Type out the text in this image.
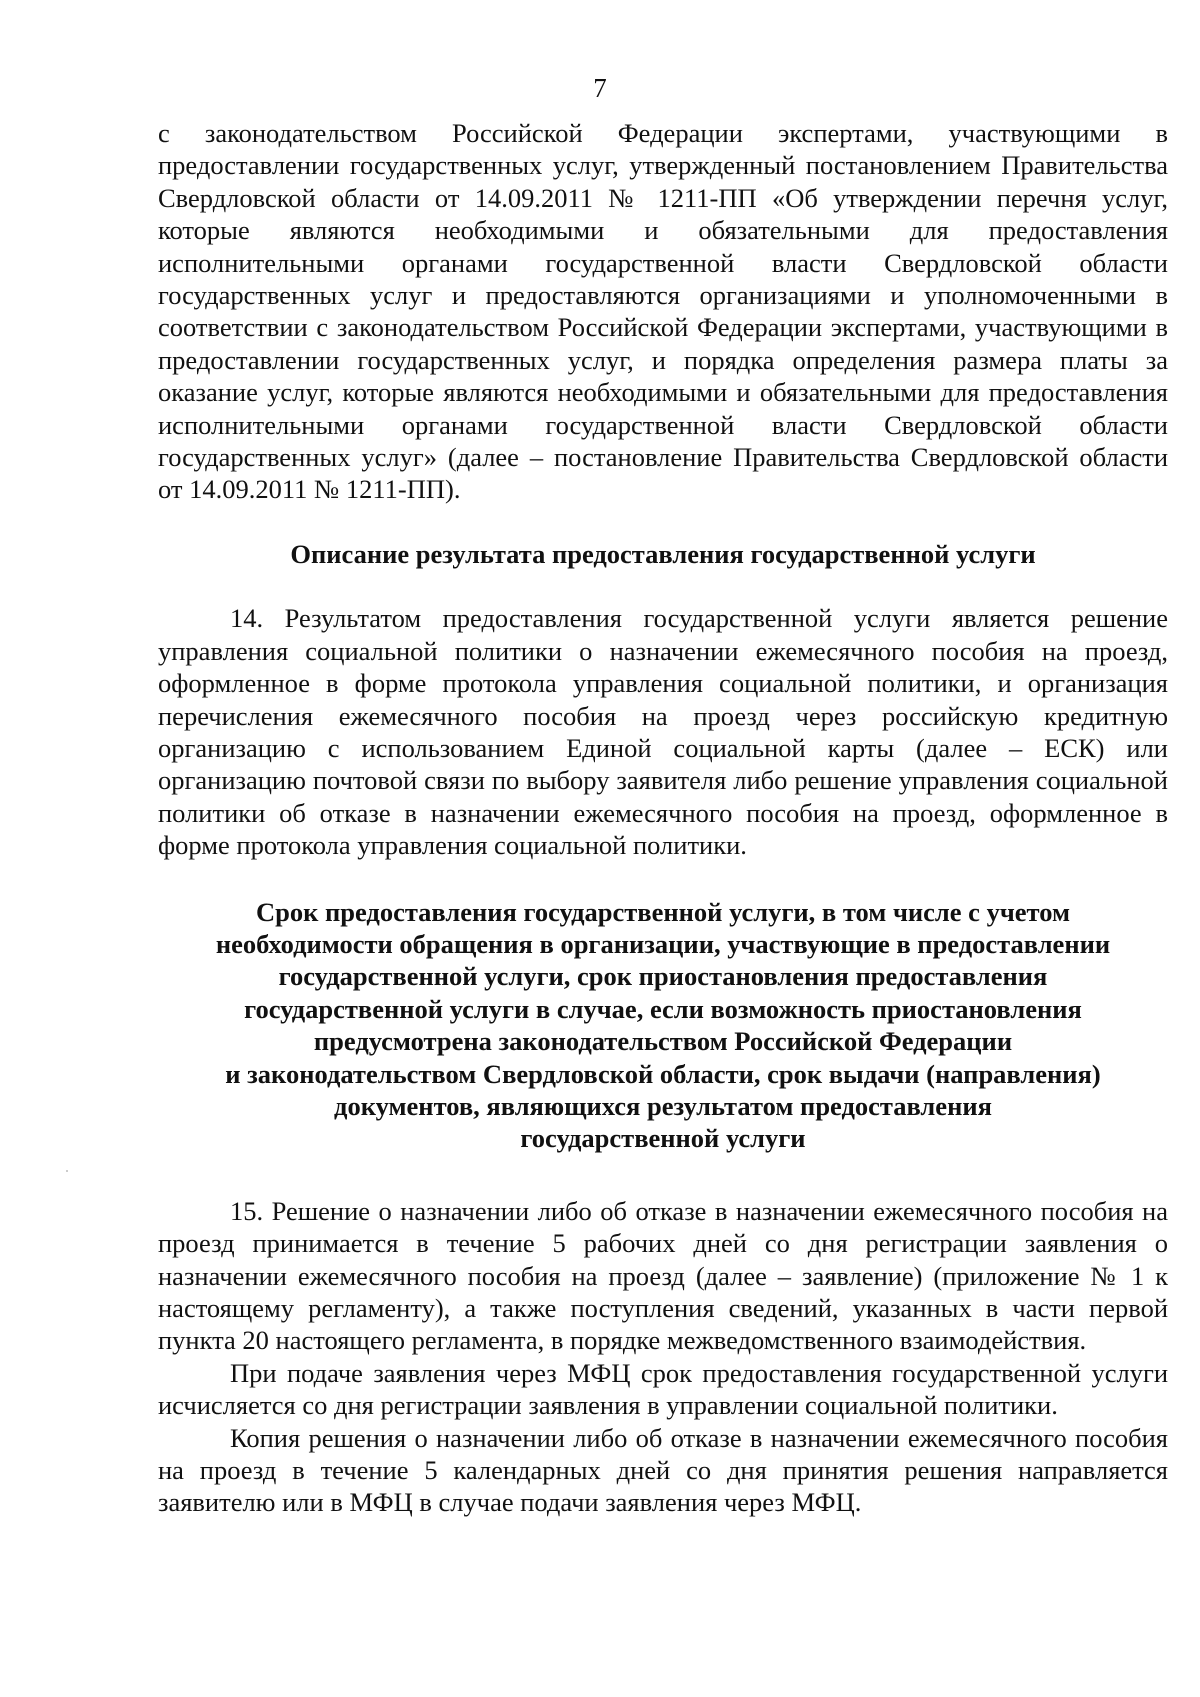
7

с законодательством Российской Федерации экспертами, участвующими в предоставлении государственных услуг, утвержденный постановлением Правительства Свердловской области от 14.09.2011 № 1211-ПП «Об утверждении перечня услуг, которые являются необходимыми и обязательными для предоставления исполнительными органами государственной власти Свердловской области государственных услуг и предоставляются организациями и уполномоченными в соответствии с законодательством Российской Федерации экспертами, участвующими в предоставлении государственных услуг, и порядка определения размера платы за оказание услуг, которые являются необходимыми и обязательными для предоставления исполнительными органами государственной власти Свердловской области государственных услуг» (далее – постановление Правительства Свердловской области от 14.09.2011 № 1211-ПП).

Описание результата предоставления государственной услуги

14. Результатом предоставления государственной услуги является решение управления социальной политики о назначении ежемесячного пособия на проезд, оформленное в форме протокола управления социальной политики, и организация перечисления ежемесячного пособия на проезд через российскую кредитную организацию с использованием Единой социальной карты (далее – ЕСК) или организацию почтовой связи по выбору заявителя либо решение управления социальной политики об отказе в назначении ежемесячного пособия на проезд, оформленное в форме протокола управления социальной политики.

Срок предоставления государственной услуги, в том числе с учетом
необходимости обращения в организации, участвующие в предоставлении
государственной услуги, срок приостановления предоставления
государственной услуги в случае, если возможность приостановления
предусмотрена законодательством Российской Федерации
и законодательством Свердловской области, срок выдачи (направления)
документов, являющихся результатом предоставления
государственной услуги

15. Решение о назначении либо об отказе в назначении ежемесячного пособия на проезд принимается в течение 5 рабочих дней со дня регистрации заявления о назначении ежемесячного пособия на проезд (далее – заявление) (приложение № 1 к настоящему регламенту), а также поступления сведений, указанных в части первой пункта 20 настоящего регламента, в порядке межведомственного взаимодействия.

При подаче заявления через МФЦ срок предоставления государственной услуги исчисляется со дня регистрации заявления в управлении социальной политики.

Копия решения о назначении либо об отказе в назначении ежемесячного пособия на проезд в течение 5 календарных дней со дня принятия решения направляется заявителю или в МФЦ в случае подачи заявления через МФЦ.
